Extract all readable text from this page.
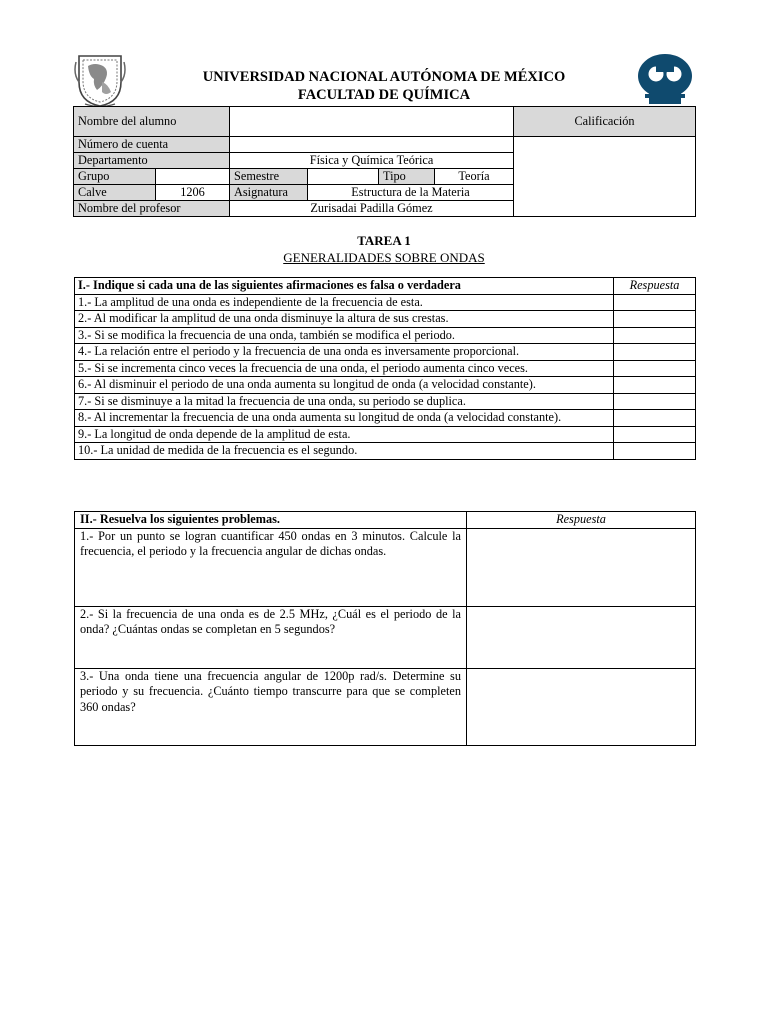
UNIVERSIDAD NACIONAL AUTÓNOMA DE MÉXICO
FACULTAD DE QUÍMICA
Nombre del alumno						Calificación
Número de cuenta						
Departamento		Física y Química Teórica				
Grupo		Semestre		Tipo	Teoría	
Calve	1206	Asignatura	Estructura de la Materia			
Nombre del profesor		Zurisadai Padilla Gómez				
TAREA 1
GENERALIDADES SOBRE ONDAS
I.- Indique si cada una de las siguientes afirmaciones es falsa o verdadera	Respuesta
1.- La amplitud de una onda es independiente de la frecuencia de esta.	
2.- Al modificar la amplitud de una onda disminuye la altura de sus crestas.	
3.- Si se modifica la frecuencia de una onda, también se modifica el periodo.	
4.- La relación entre el periodo y la frecuencia de una onda es inversamente proporcional.	
5.- Si se incrementa cinco veces la frecuencia de una onda, el periodo aumenta cinco veces.	
6.- Al disminuir el periodo de una onda aumenta su longitud de onda (a velocidad constante).	
7.- Si se disminuye a la mitad la frecuencia de una onda, su periodo se duplica.	
8.- Al incrementar la frecuencia de una onda aumenta su longitud de onda (a velocidad constante).	
9.- La longitud de onda depende de la amplitud de esta.	
10.- La unidad de medida de la frecuencia es el segundo.	
II.- Resuelva los siguientes problemas.	Respuesta
1.- Por un punto se logran cuantificar 450 ondas en 3 minutos. Calcule la frecuencia, el periodo y la frecuencia angular de dichas ondas.	
2.- Si la frecuencia de una onda es de 2.5 MHz, ¿Cuál es el periodo de la onda? ¿Cuántas ondas se completan en 5 segundos?	
3.- Una onda tiene una frecuencia angular de 1200p rad/s. Determine su periodo y su frecuencia. ¿Cuánto tiempo transcurre para que se completen 360 ondas?	
